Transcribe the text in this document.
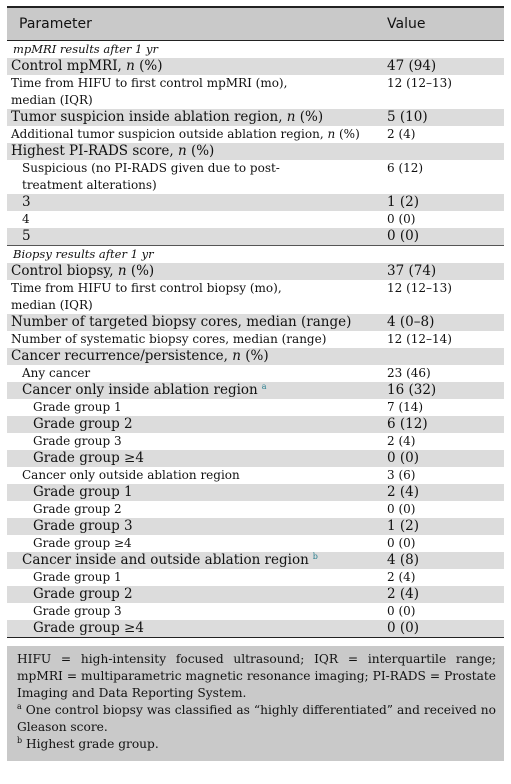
Parameter	Value
mpMRI results after 1 yr	
Control mpMRI, n (%)	47 (94)
Time from HIFU to first control mpMRI (mo), median (IQR)	12 (12–13)
Tumor suspicion inside ablation region, n (%)	5 (10)
Additional tumor suspicion outside ablation region, n (%)	2 (4)
Highest PI-RADS score, n (%)	
Suspicious (no PI-RADS given due to post-treatment alterations)	6 (12)
3	1 (2)
4	0 (0)
5	0 (0)
Biopsy results after 1 yr	
Control biopsy, n (%)	37 (74)
Time from HIFU to first control biopsy (mo), median (IQR)	12 (12–13)
Number of targeted biopsy cores, median (range)	4 (0–8)
Number of systematic biopsy cores, median (range)	12 (12–14)
Cancer recurrence/persistence, n (%)	
Any cancer	23 (46)
Cancer only inside ablation region $^a$	16 (32)
Grade group 1	7 (14)
Grade group 2	6 (12)
Grade group 3	2 (4)
Grade group ≥4	0 (0)
Cancer only outside ablation region	3 (6)
Grade group 1	2 (4)
Grade group 2	0 (0)
Grade group 3	1 (2)
Grade group ≥4	0 (0)
Cancer inside and outside ablation region $^b$	4 (8)
Grade group 1	2 (4)
Grade group 2	2 (4)
Grade group 3	0 (0)
Grade group ≥4	0 (0)

HIFU = high-intensity focused ultrasound; IQR = interquartile range; mpMRI = multiparametric magnetic resonance imaging; PI-RADS = Prostate Imaging and Data Reporting System.

$^a$ One control biopsy was classified as “highly differentiated” and received no Gleason score.

$^b$ Highest grade group.
